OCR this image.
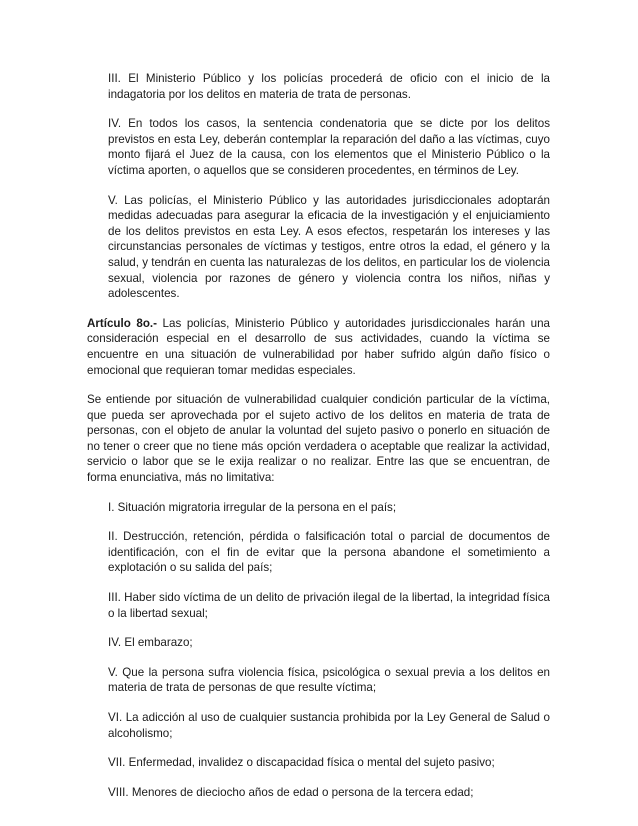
III. El Ministerio Público y los policías procederá de oficio con el inicio de la indagatoria por los delitos en materia de trata de personas.

IV. En todos los casos, la sentencia condenatoria que se dicte por los delitos previstos en esta Ley, deberán contemplar la reparación del daño a las víctimas, cuyo monto fijará el Juez de la causa, con los elementos que el Ministerio Público o la víctima aporten, o aquellos que se consideren procedentes, en términos de Ley.

V. Las policías, el Ministerio Público y las autoridades jurisdiccionales adoptarán medidas adecuadas para asegurar la eficacia de la investigación y el enjuiciamiento de los delitos previstos en esta Ley. A esos efectos, respetarán los intereses y las circunstancias personales de víctimas y testigos, entre otros la edad, el género y la salud, y tendrán en cuenta las naturalezas de los delitos, en particular los de violencia sexual, violencia por razones de género y violencia contra los niños, niñas y adolescentes.

Artículo 8o.- Las policías, Ministerio Público y autoridades jurisdiccionales harán una consideración especial en el desarrollo de sus actividades, cuando la víctima se encuentre en una situación de vulnerabilidad por haber sufrido algún daño físico o emocional que requieran tomar medidas especiales.

Se entiende por situación de vulnerabilidad cualquier condición particular de la víctima, que pueda ser aprovechada por el sujeto activo de los delitos en materia de trata de personas, con el objeto de anular la voluntad del sujeto pasivo o ponerlo en situación de no tener o creer que no tiene más opción verdadera o aceptable que realizar la actividad, servicio o labor que se le exija realizar o no realizar. Entre las que se encuentran, de forma enunciativa, más no limitativa:

I. Situación migratoria irregular de la persona en el país;

II. Destrucción, retención, pérdida o falsificación total o parcial de documentos de identificación, con el fin de evitar que la persona abandone el sometimiento a explotación o su salida del país;

III. Haber sido víctima de un delito de privación ilegal de la libertad, la integridad física o la libertad sexual;

IV. El embarazo;

V. Que la persona sufra violencia física, psicológica o sexual previa a los delitos en materia de trata de personas de que resulte víctima;

VI. La adicción al uso de cualquier sustancia prohibida por la Ley General de Salud o alcoholismo;

VII. Enfermedad, invalidez o discapacidad física o mental del sujeto pasivo;

VIII. Menores de dieciocho años de edad o persona de la tercera edad;
